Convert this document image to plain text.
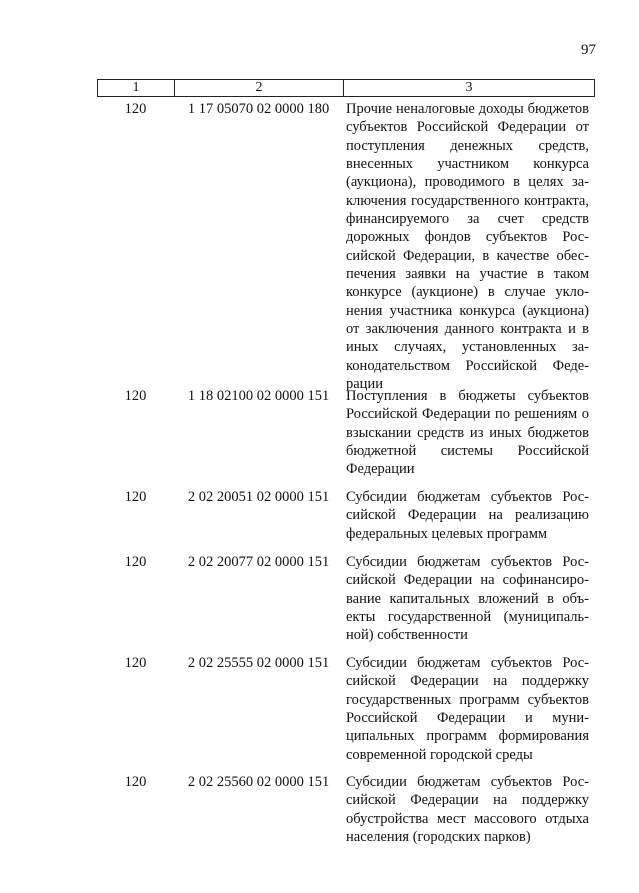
97
1	2	3
120	1 17 05070 02 0000 180	Прочие неналоговые доходы бюджетов субъектов Российской Федерации от поступления денежных средств, внесенных участником конкурса (аукциона), проводимого в целях заключения государственного контракта, финансируемого за счет средств дорожных фондов субъектов Российской Федерации, в качестве обеспечения заявки на участие в таком конкурсе (аукционе) в случае уклонения участника конкурса (аукциона) от заключения данного контракта и в иных случаях, установленных законодательством Российской Федерации
120	1 18 02100 02 0000 151	Поступления в бюджеты субъектов Российской Федерации по решениям о взыскании средств из иных бюджетов бюджетной системы Российской Федерации
120	2 02 20051 02 0000 151	Субсидии бюджетам субъектов Российской Федерации на реализацию федеральных целевых программ
120	2 02 20077 02 0000 151	Субсидии бюджетам субъектов Российской Федерации на софинансирование капитальных вложений в объекты государственной (муниципальной) собственности
120	2 02 25555 02 0000 151	Субсидии бюджетам субъектов Российской Федерации на поддержку государственных программ субъектов Российской Федерации и муниципальных программ формирования современной городской среды
120	2 02 25560 02 0000 151	Субсидии бюджетам субъектов Российской Федерации на поддержку обустройства мест массового отдыха населения (городских парков)
